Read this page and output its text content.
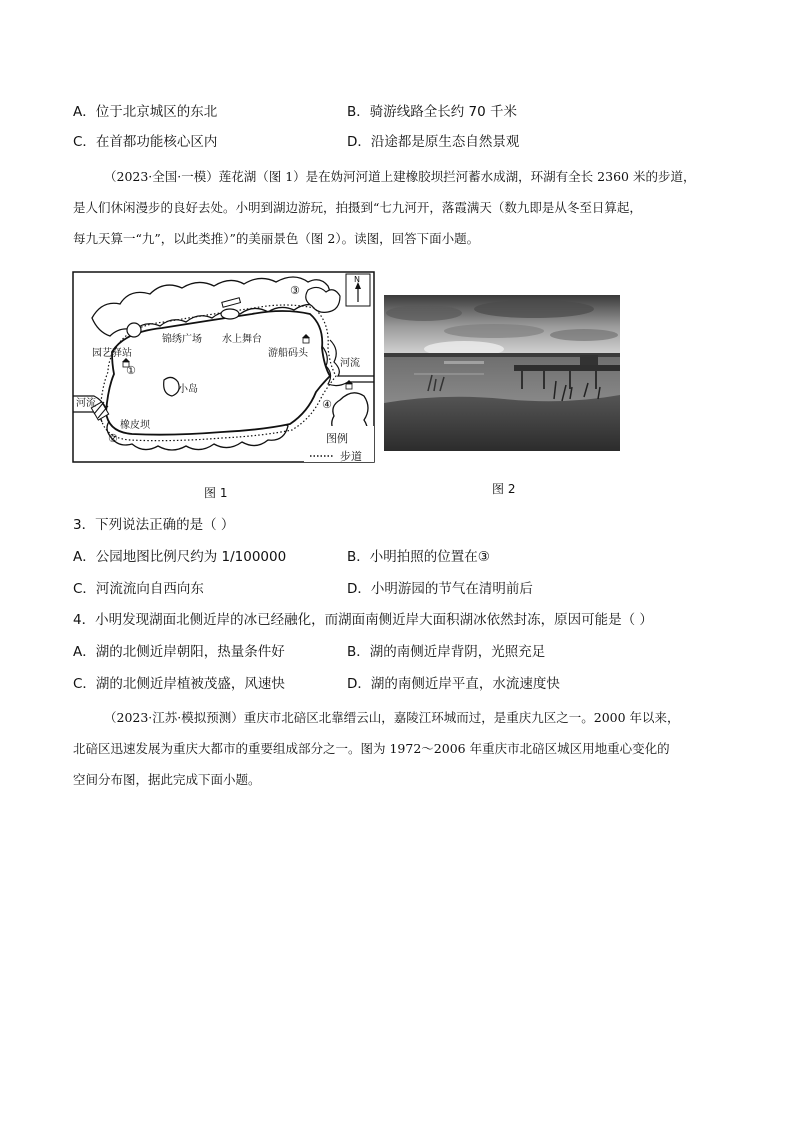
A．位于北京城区的东北	B．骑游线路全长约 70 千米
C．在首都功能核心区内	D．沿途都是原生态自然景观
（2023·全国·一模）莲花湖（图 1）是在妫河河道上建橡胶坝拦河蓄水成湖，环湖有全长 2360 米的步道，
是人们休闲漫步的良好去处。小明到湖边游玩，拍摄到“七九河开，落霞满天（数九即是从冬至日算起，
每九天算一“九”，以此类推）”的美丽景色（图 2）。读图，回答下面小题。
N
①
②
③
④
锦绣广场 水上舞台
园艺驿站	游船码头
小岛
河流
河流
橡皮坝
图例
步道
图 1	图 2
3．下列说法正确的是（ ）
A．公园地图比例尺约为 1/100000	B．小明拍照的位置在③
C．河流流向自西向东	D．小明游园的节气在清明前后
4．小明发现湖面北侧近岸的冰已经融化，而湖面南侧近岸大面积湖冰依然封冻，原因可能是（ ）
A．湖的北侧近岸朝阳，热量条件好	B．湖的南侧近岸背阴，光照充足
C．湖的北侧近岸植被茂盛，风速快	D．湖的南侧近岸平直，水流速度快
（2023·江苏·模拟预测）重庆市北碚区北靠缙云山，嘉陵江环城而过，是重庆九区之一。2000 年以来，
北碚区迅速发展为重庆大都市的重要组成部分之一。图为 1972～2006 年重庆市北碚区城区用地重心变化的
空间分布图，据此完成下面小题。
